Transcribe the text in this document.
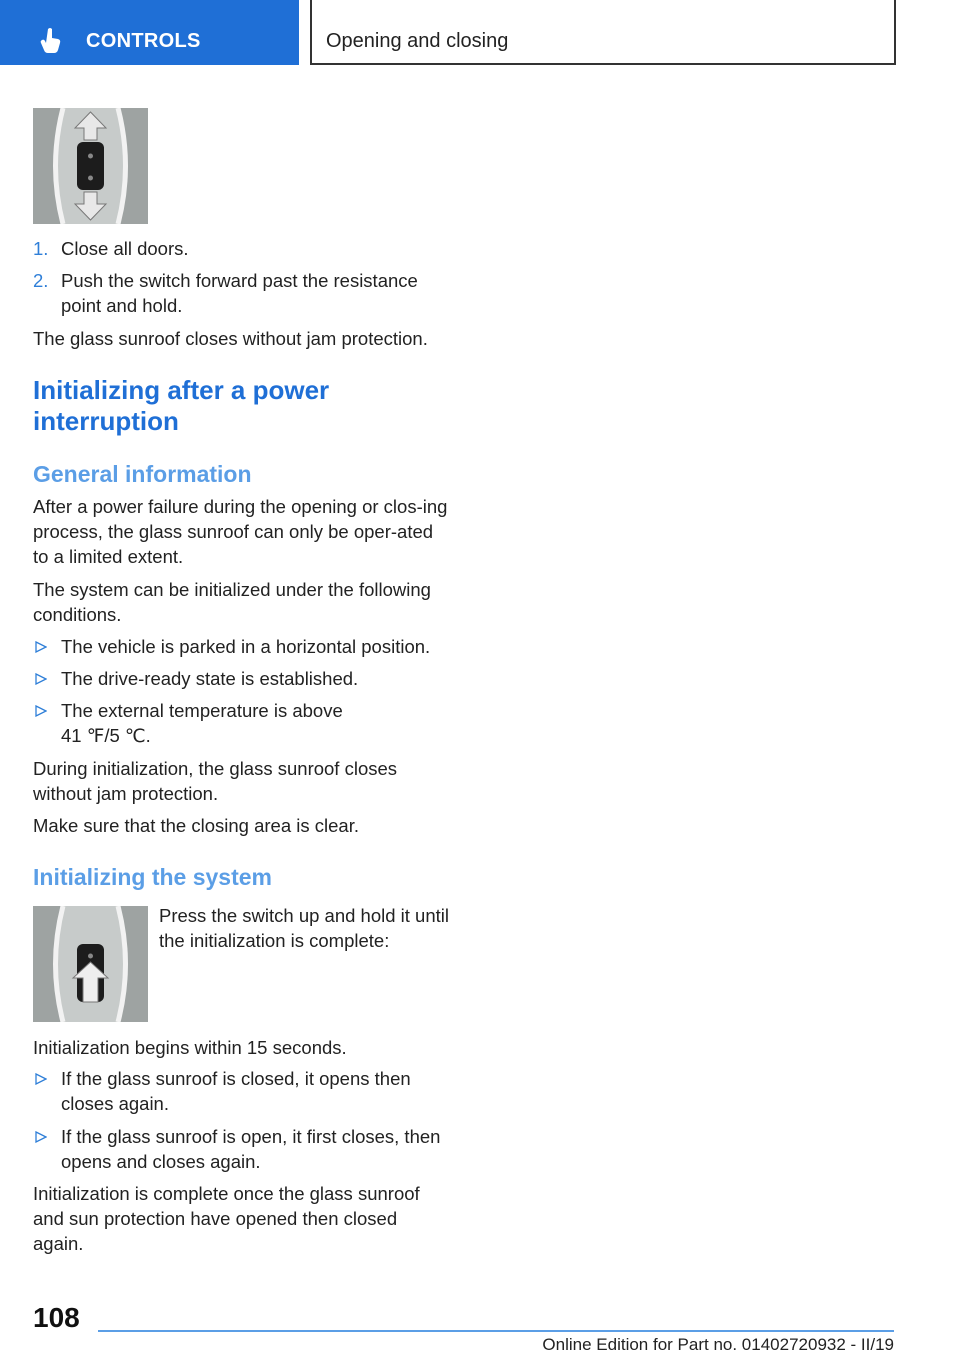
CONTROLS	Opening and closing
1. Close all doors.
2. Push the switch forward past the resistance point and hold.

The glass sunroof closes without jam protection.

Initializing after a power interruption
General information

After a power failure during the opening or clos-ing process, the glass sunroof can only be oper-ated to a limited extent.

The system can be initialized under the following conditions.

The vehicle is parked in a horizontal position.
The drive-ready state is established.
The external temperature is above 41 ℉/5 ℃.

During initialization, the glass sunroof closes without jam protection.

Make sure that the closing area is clear.

Initializing the system

Press the switch up and hold it until the initialization is complete:

Initialization begins within 15 seconds.

If the glass sunroof is closed, it opens then closes again.
If the glass sunroof is open, it first closes, then opens and closes again.

Initialization is complete once the glass sunroof and sun protection have opened then closed again.

108
Online Edition for Part no. 01402720932 - II/19
